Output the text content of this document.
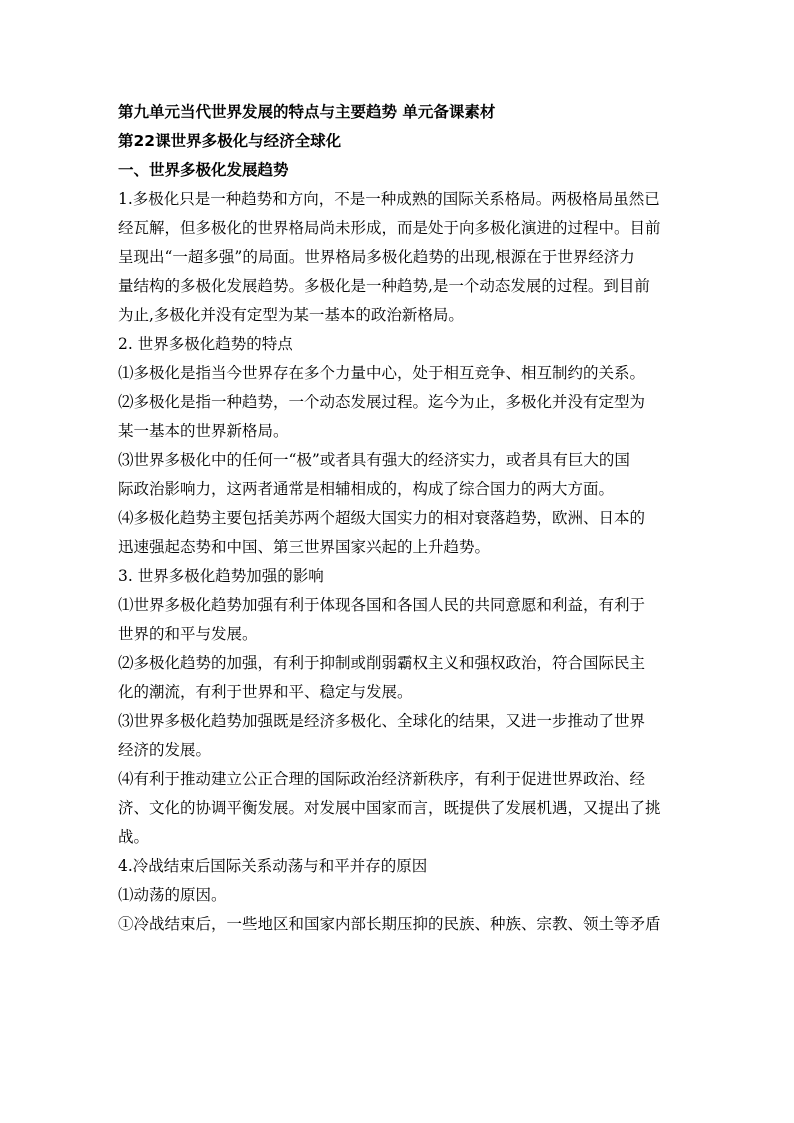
第九单元当代世界发展的特点与主要趋势 单元备课素材
第22课世界多极化与经济全球化
一、世界多极化发展趋势
1.多极化只是一种趋势和方向，不是一种成熟的国际关系格局。两极格局虽然已
经瓦解，但多极化的世界格局尚未形成，而是处于向多极化演进的过程中。目前
呈现出“一超多强”的局面。世界格局多极化趋势的出现,根源在于世界经济力
量结构的多极化发展趋势。多极化是一种趋势,是一个动态发展的过程。到目前
为止,多极化并没有定型为某一基本的政治新格局。
2. 世界多极化趋势的特点
⑴多极化是指当今世界存在多个力量中心，处于相互竞争、相互制约的关系。
⑵多极化是指一种趋势，一个动态发展过程。迄今为止，多极化并没有定型为
某一基本的世界新格局。
⑶世界多极化中的任何一“极”或者具有强大的经济实力，或者具有巨大的国
际政治影响力，这两者通常是相辅相成的，构成了综合国力的两大方面。
⑷多极化趋势主要包括美苏两个超级大国实力的相对衰落趋势，欧洲、日本的
迅速强起态势和中国、第三世界国家兴起的上升趋势。
3. 世界多极化趋势加强的影响
⑴世界多极化趋势加强有利于体现各国和各国人民的共同意愿和利益，有利于
世界的和平与发展。
⑵多极化趋势的加强，有利于抑制或削弱霸权主义和强权政治，符合国际民主
化的潮流，有利于世界和平、稳定与发展。
⑶世界多极化趋势加强既是经济多极化、全球化的结果，又进一步推动了世界
经济的发展。
⑷有利于推动建立公正合理的国际政治经济新秩序，有利于促进世界政治、经
济、文化的协调平衡发展。对发展中国家而言，既提供了发展机遇，又提出了挑
战。
4.冷战结束后国际关系动荡与和平并存的原因
⑴动荡的原因。
①冷战结束后，一些地区和国家内部长期压抑的民族、种族、宗教、领土等矛盾
